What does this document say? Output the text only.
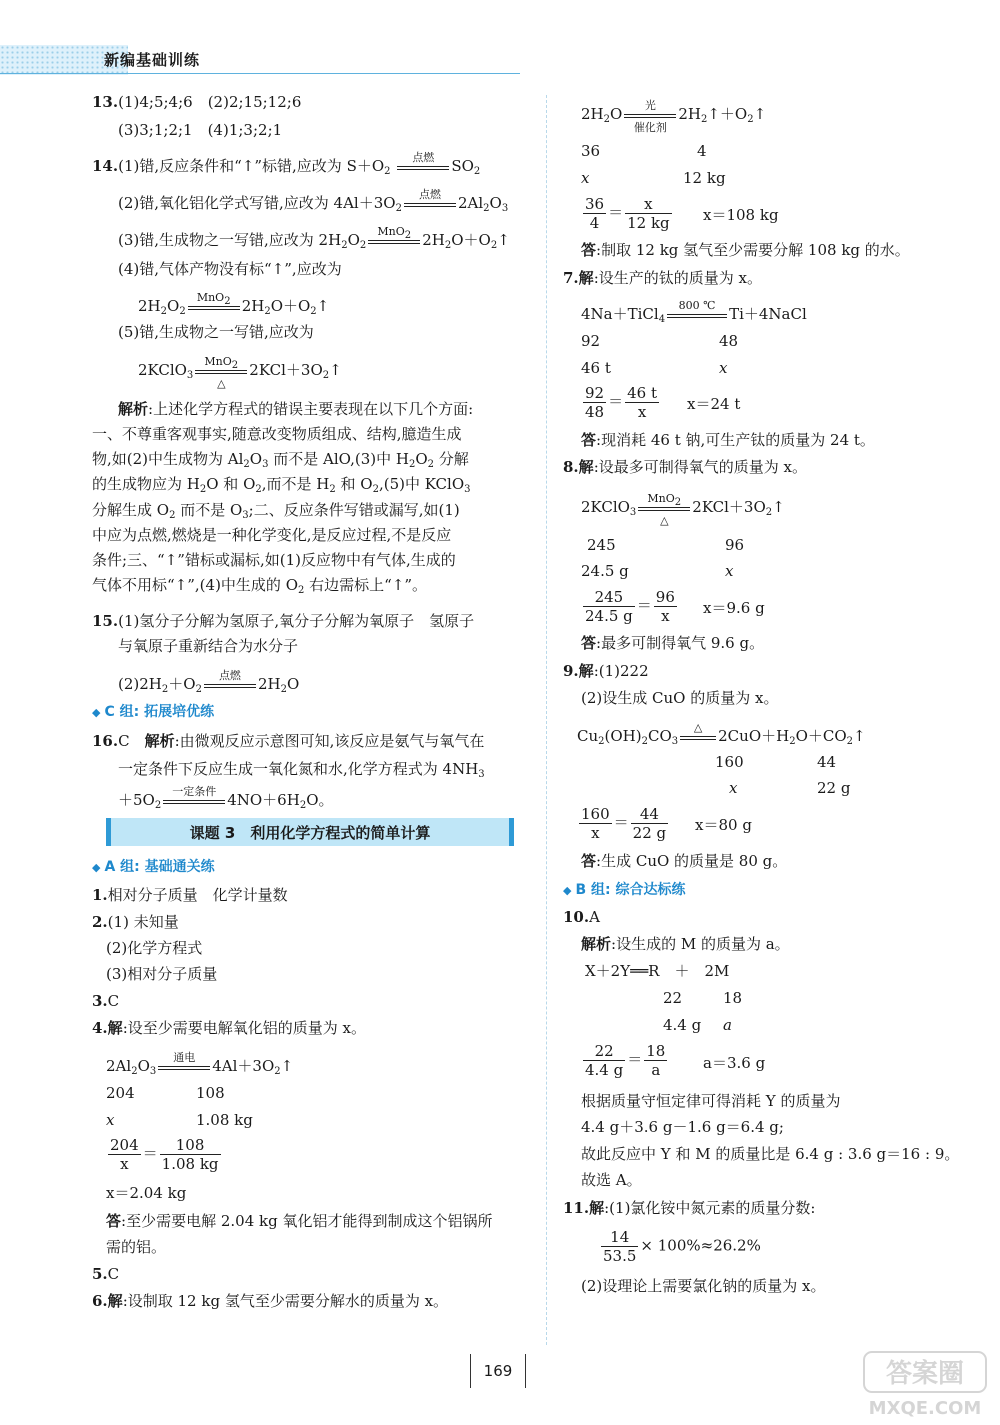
新编基础训练
13.(1)4;5;4;6　(2)2;15;12;6
(3)3;1;2;1　(4)1;3;2;1
14.(1)错,反应条件和“↑”标错,应改为 $S+O_2$
点燃	$SO_2$
(2)错,氧化铝化学式写错,应改为 $4Al+3O_2$
点燃	$2Al_2O_3$
(3)错,生成物之一写错,应改为 $2H_2O_2$
MnO2 $2H_2O+O_2↑$
(4)错,气体产物没有标“↑”,应改为
$2H_2O_2$
MnO2 $2H_2O+O_2↑$
(5)错,生成物之一写错,应改为
2KClO$_3$
MnO2
△
$2KCl+3O_2↑$
解析:上述化学方程式的错误主要表现在以下几个方面:
一、不尊重客观事实,随意改变物质组成、结构,臆造生成
物,如(2)中生成物为 $Al_2O_3$ 而不是 AlO,(3)中 $H_2O_2$ 分解
的生成物应为 $H_2O$ 和 $O_2$,而不是 $H_2$ 和 $O_2,(5)$中 KClO$_3$
分解生成 $O_2$ 而不是 $O_3$;二、反应条件写错或漏写,如(1)
中应为点燃,燃烧是一种化学变化,是反应过程,不是反应
条件;三、“↑”错标或漏标,如(1)反应物中有气体,生成的
气体不用标“↑”,(4)中生成的 $O_2$ 右边需标上“↑”。
15.(1)氢分子分解为氢原子,氧分子分解为氧原子　氢原子
与氧原子重新结合为水分子
$(2)2H_2+O_2$
点燃	$2H_2O$
◆ C 组: 拓展培优练
16.C　解析:由微观反应示意图可知,该反应是氨气与氧气在
一定条件下反应生成一氧化氮和水,化学方程式为 $4NH_3$
$+5O_2$
一定条件 $4NO+6H_2O$。
课题 3　利用化学方程式的简单计算
◆ A 组: 基础通关练
1.相对分子质量　化学计量数
2.(1) 未知量
(2)化学方程式
(3)相对分子质量
3.C
4.解:设至少需要电解氧化铝的质量为 x。
$2Al_2O_3$
通电	$4Al+3O_2↑$
204	108
x	1.08 kg
$\frac{204}{x} = \frac{108}{1.08 kg}$
x＝2.04 kg
答:至少需要电解 2.04 kg 氧化铝才能得到制成这个铝锅所
需的铝。
5.C
6.解:设制取 12 kg 氢气至少需要分解水的质量为 x。
$2H_2O$	光
催化剂
$2H_2↑+O_2↑$
36	4
x	12 kg
$\frac{36}{4} = \frac{x}{12 kg} x=108$ kg
答:制取 12 kg 氢气至少需要分解 108 kg 的水。
7.解:设生产的钛的质量为 x。
4Na＋TiCl$_4$
800 ℃ Ti＋4NaCl
92	48
46 t	x
$\frac{92}{48} = \frac{46 t}{x} x=24$ t
答:现消耗 46 t 钠,可生产钛的质量为 24 t。
8.解:设最多可制得氧气的质量为 x。
2KClO$_3$
MnO2
△
$2KCl+3O_2↑$
245	96
24.5 g	x
$\frac{245}{24.5 g} = \frac{96}{x} x=9.6$ g
答:最多可制得氧气 9.6 g。
9.解:(1)222
(2)设生成 CuO 的质量为 x。
$Cu_2(OH)_2CO_3$
△	$2CuO+H_2O+CO_2↑$
160	44
x	22 g
$\frac{160}{x} = \frac{44}{22 g} x=80$ g
答:生成 CuO 的质量是 80 g。
◆ B 组: 综合达标练
10.A
解析:设生成的 M 的质量为 a。
X＋2Y══R　＋　2M
22	18
4.4 g a
$\frac{22}{4.4 g} = \frac{18}{a} a=3.6$ g
根据质量守恒定律可得消耗 Y 的质量为
4.4 g＋3.6 g－1.6 g＝6.4 g;
故此反应中 Y 和 M 的质量比是 6.4 g : 3.6 g＝16 : 9。
故选 A。
11.解:(1)氯化铵中氮元素的质量分数:
$\frac{14}{53.5} \times 100\%\approx 26.2\%$
(2)设理论上需要氯化钠的质量为 x。
169	答案圈
MXQE.COM
